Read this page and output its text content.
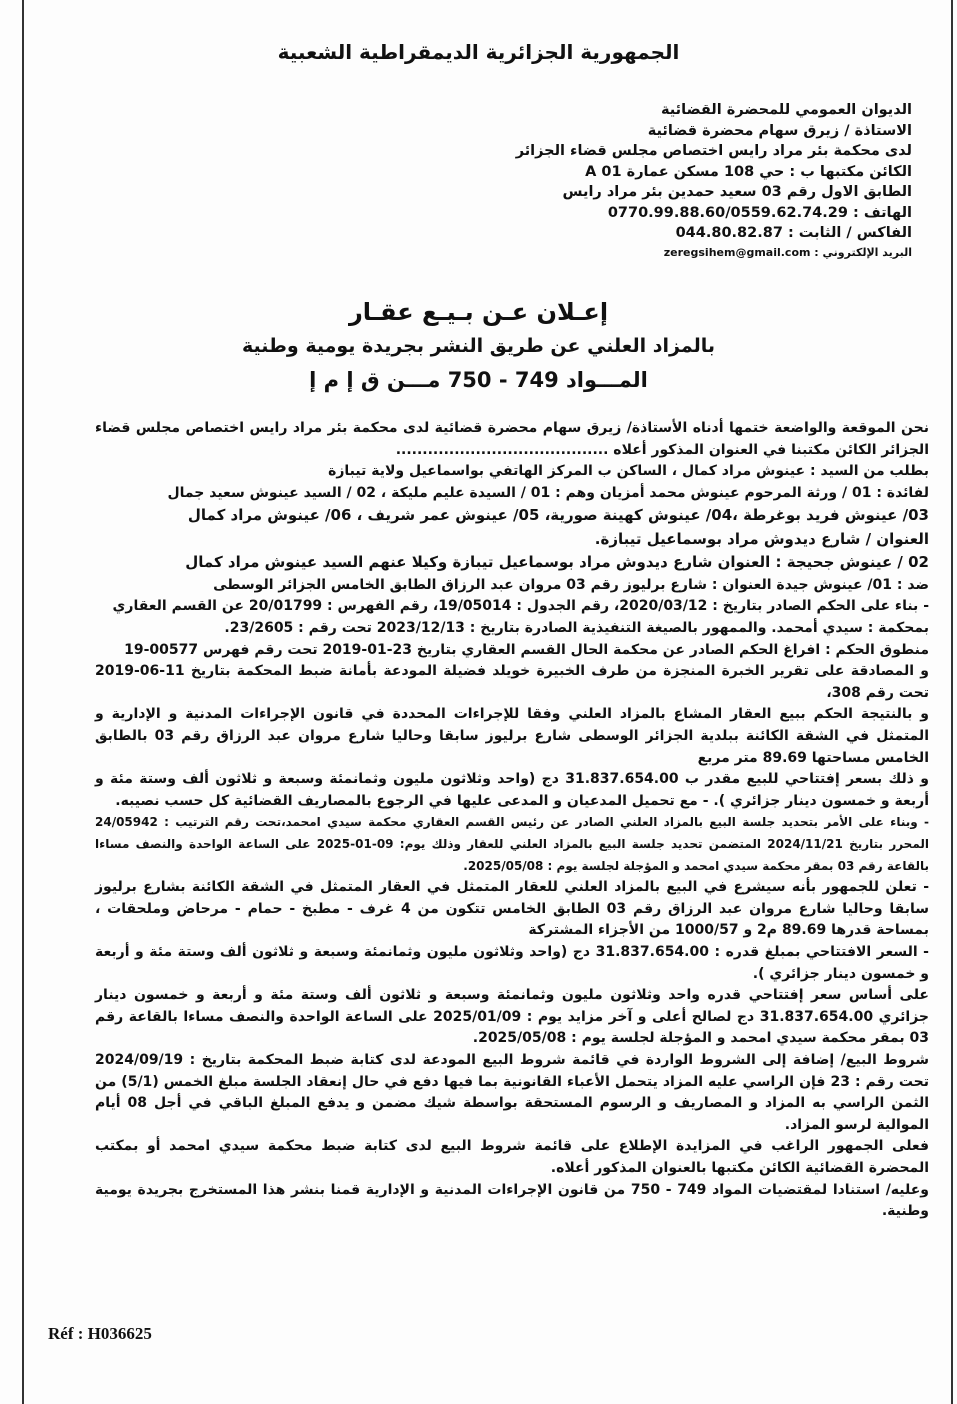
الجمهورية الجزائرية الديمقراطية الشعبية
الديوان العمومي للمحضرة القضائية
الاستاذة / زيرق سهام محضرة قضائية
لدى محكمة بئر مراد رايس اختصاص مجلس قضاء الجزائر
الكائن مكتبها ب : حي 108 مسكن عمارة A 01
الطابق الاول رقم 03 سعيد حمدين بئر مراد رايس
الهاتف : 0770.99.88.60/0559.62.74.29
الفاكس / الثابت : 044.80.82.87
البريد الإلكتروني : zeregsihem@gmail.com
إعـلان عـن بـيـع عقـار
بالمزاد العلني عن طريق النشر بجريدة يومية وطنية
المـــواد 749 - 750 مـــن ق إ م إ

نحن الموقعة والواضعة ختمها أدناه الأستاذة/ زيرق سهام محضرة قضائية لدى محكمة بئر مراد رايس اختصاص مجلس قضاء الجزائر الكائن مكتبنا في العنوان المذكور أعلاه ........................................

بطلب من السيد : عينوش مراد كمال ، الساكن ب المركز الهاتفي بواسماعيل ولاية تيبازة

لفائدة : 01 / ورثة المرحوم عينوش محمد أمزيان وهم : 01 / السيدة عليم مليكة ، 02 / السيد عينوش سعيد جمال

03/ عينوش فريد بوغرطة ،04/ عينوش كهينة صورية، 05/ عينوش عمر شريف ، 06/ عينوش مراد كمال

العنوان / شارع ديدوش مراد بوسماعيل تيبازة.

02 / عينوش جحيجة : العنوان شارع ديدوش مراد بوسماعيل تيبازة وكيلا عنهم السيد عينوش مراد كمال

ضد : 01/ عينوش جيدة العنوان : شارع برليوز رقم 03 مروان عبد الرزاق الطابق الخامس الجزائر الوسطى

- بناء على الحكم الصادر بتاريخ : 2020/03/12، رقم الجدول : 19/05014، رقم الفهرس : 20/01799 عن القسم العقاري

بمحكمة : سيدي أمحمد. والممهور بالصيغة التنفيذية الصادرة بتاريخ : 2023/12/13 تحت رقم : 23/2605.

منطوق الحكم : افراغ الحكم الصادر عن محكمة الحال القسم العقاري بتاريخ 23-01-2019 تحت رقم فهرس 00577-19

و المصادقة على تقرير الخبرة المنجزة من طرف الخبيرة خويلد فضيلة المودعة بأمانة ضبط المحكمة بتاريخ 11-06-2019 تحت رقم 308،

و بالنتيجة الحكم ببيع العقار المشاع بالمزاد العلني وفقا للإجراءات المحددة في قانون الإجراءات المدنية و الإدارية و المتمثل في الشقة الكائنة ببلدية الجزائر الوسطى شارع برليوز سابقا وحاليا شارع مروان عبد الرزاق رقم 03 بالطابق الخامس مساحتها 89.69 متر مربع

و ذلك بسعر إفتتاحي للبيع مقدر ب 31.837.654.00 دج (واحد وثلاثون مليون وثمانمئة وسبعة و ثلاثون ألف وستة مئة و أربعة و خمسون دينار جزائري ). - مع تحميل المدعيان و المدعى عليها في الرجوع بالمصاريف القضائية كل حسب نصيبه.

- وبناء على الأمر بتحديد جلسة البيع بالمزاد العلني الصادر عن رئيس القسم العقاري محكمة سيدي امحمد،تحت رقم الترتيب : 24/05942 المحرر بتاريخ 2024/11/21 المتضمن تحديد جلسة البيع بالمزاد العلني للعقار وذلك يوم: 09-01-2025 على الساعة الواحدة والنصف مساءا بالقاعة رقم 03 بمقر محكمة سيدي امحمد و المؤجلة لجلسة يوم : 2025/05/08.

- تعلن للجمهور بأنه سيشرع في البيع بالمزاد العلني للعقار المتمثل في العقار المتمثل في الشقة الكائنة بشارع برليوز سابقا وحاليا شارع مروان عبد الرزاق رقم 03 الطابق الخامس تتكون من 4 غرف - مطبخ - حمام - مرحاض وملحقات ، بمساحة قدرها 89.69 م2 و 1000/57 من الأجزاء المشتركة

- السعر الافتتاحي بمبلغ قدره : 31.837.654.00 دج (واحد وثلاثون مليون وثمانمئة وسبعة و ثلاثون ألف وستة مئة و أربعة و خمسون دينار جزائري ).

على أساس سعر إفتتاحي قدره واحد وثلاثون مليون وثمانمئة وسبعة و ثلاثون ألف وستة مئة و أربعة و خمسون دينار جزائري 31.837.654.00 دج لصالح أعلى و آخر مزايد يوم : 2025/01/09 على الساعة الواحدة والنصف مساءا بالقاعة رقم 03 بمقر محكمة سيدي امحمد و المؤجلة لجلسة يوم : 2025/05/08.

شروط البيع/ إضافة إلى الشروط الواردة في قائمة شروط البيع المودعة لدى كتابة ضبط المحكمة بتاريخ : 2024/09/19 تحت رقم : 23 فإن الراسي عليه المزاد يتحمل الأعباء القانونية بما فيها دفع في حال إنعقاد الجلسة مبلغ الخمس (5/1) من الثمن الراسي به المزاد و المصاريف و الرسوم المستحقة بواسطة شيك مضمن و يدفع المبلغ الباقي في أجل 08 أيام الموالية لرسو المزاد.

فعلى الجمهور الراغب في المزايدة الإطلاع على قائمة شروط البيع لدى كتابة ضبط محكمة سيدي امحمد أو بمكتب المحضرة القضائية الكائن مكتبها بالعنوان المذكور أعلاه.

وعليه/ استنادا لمقتضيات المواد 749 - 750 من قانون الإجراءات المدنية و الإدارية قمنا بنشر هذا المستخرج بجريدة يومية وطنية.

Réf : H036625
